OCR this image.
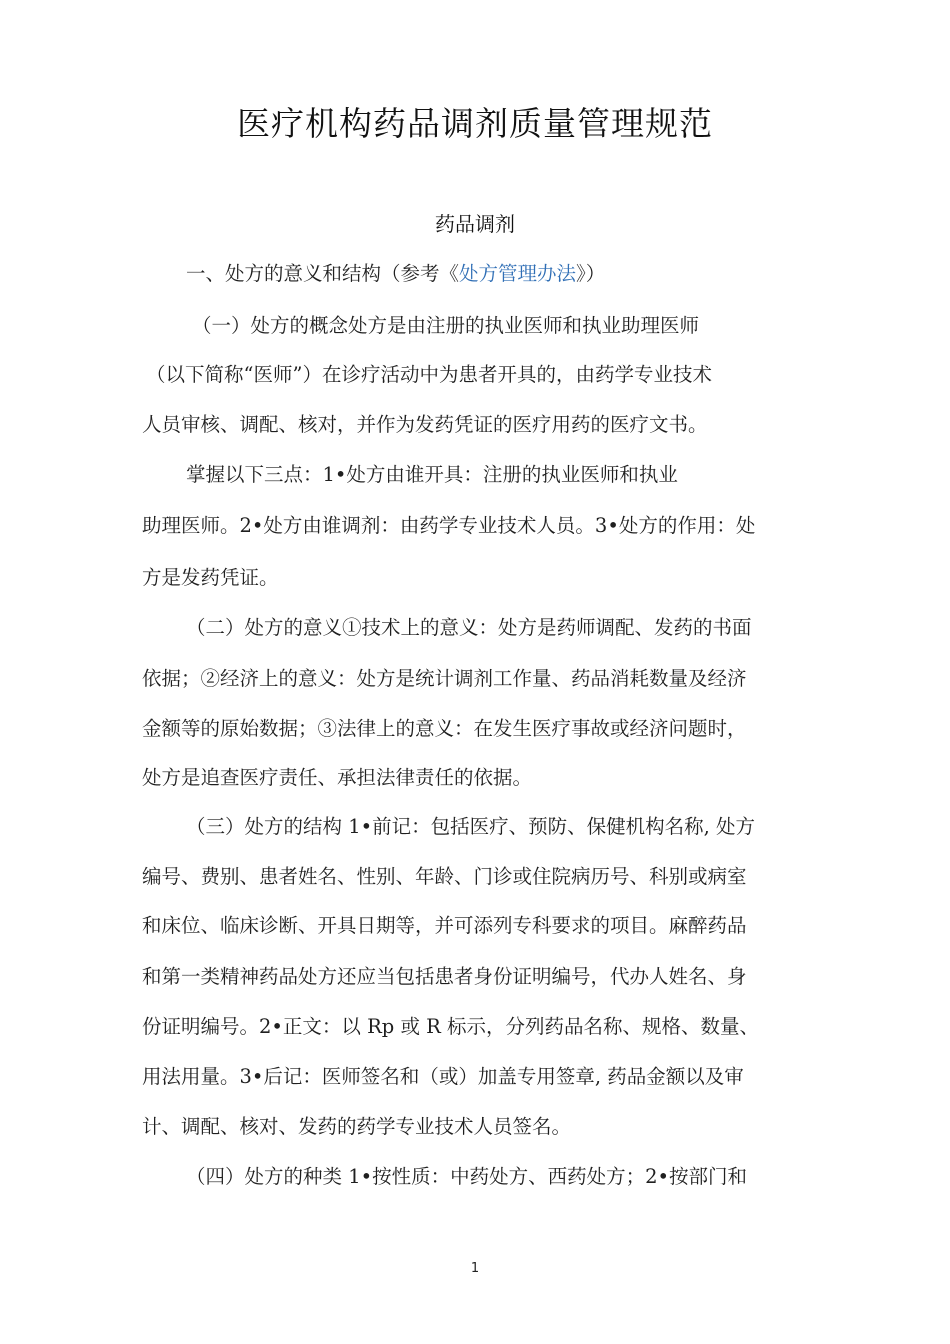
医疗机构药品调剂质量管理规范
药品调剂
一、处方的意义和结构（参考《处方管理办法》）
（一）处方的概念处方是由注册的执业医师和执业助理医师
（以下简称“医师”）在诊疗活动中为患者开具的，由药学专业技术
人员审核、调配、核对，并作为发药凭证的医疗用药的医疗文书。
掌握以下三点：1•处方由谁开具：注册的执业医师和执业
助理医师。2•处方由谁调剂：由药学专业技术人员。3•处方的作用：处
方是发药凭证。
（二）处方的意义①技术上的意义：处方是药师调配、发药的书面
依据；②经济上的意义：处方是统计调剂工作量、药品消耗数量及经济
金额等的原始数据；③法律上的意义：在发生医疗事故或经济问题时，
处方是追查医疗责任、承担法律责任的依据。
（三）处方的结构 1•前记：包括医疗、预防、保健机构名称, 处方
编号、费别、患者姓名、性别、年龄、门诊或住院病历号、科别或病室
和床位、临床诊断、开具日期等，并可添列专科要求的项目。麻醉药品
和第一类精神药品处方还应当包括患者身份证明编号，代办人姓名、身
份证明编号。2•正文：以 Rp 或 R 标示，分列药品名称、规格、数量、
用法用量。3•后记：医师签名和（或）加盖专用签章, 药品金额以及审
计、调配、核对、发药的药学专业技术人员签名。
（四）处方的种类 1•按性质：中药处方、西药处方；2•按部门和
1
